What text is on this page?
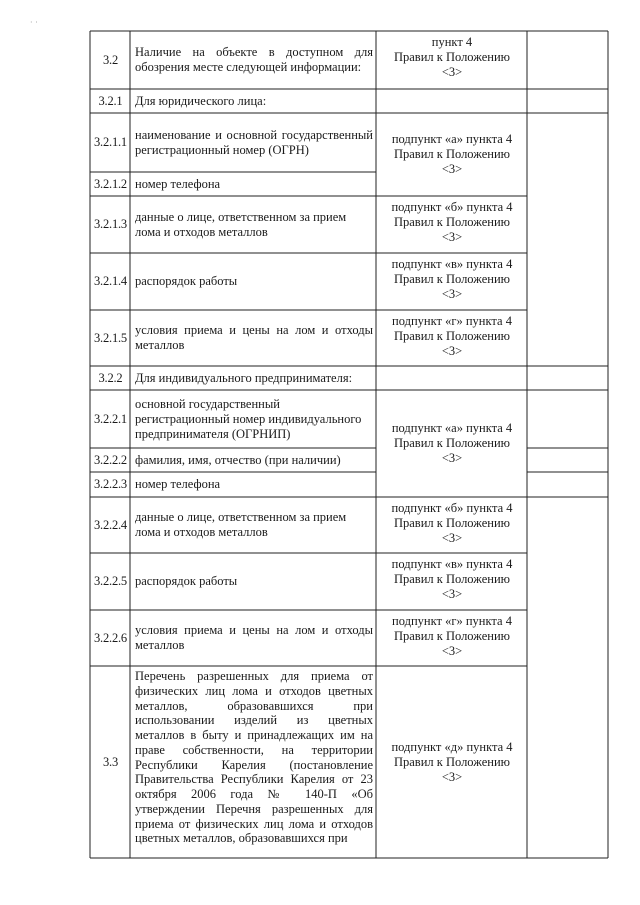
· ·
3.2
Наличие на объекте в доступном для обозрения месте следующей информации:
3.2.1 Для юридического лица:
3.2.1.1
наименование и основной государственный регистрационный номер (ОГРН)
3.2.1.2 номер телефона
3.2.1.3
данные о лице, ответственном за прием лома и отходов металлов
3.2.1.4 распорядок работы
3.2.1.5
условия приема и цены на лом и отходы металлов
3.2.2 Для индивидуального предпринимателя:
3.2.2.1
основной государственный регистрационный номер индивидуального предпринимателя (ОГРНИП)
3.2.2.2 фамилия, имя, отчество (при наличии)
3.2.2.3 номер телефона
3.2.2.4
данные о лице, ответственном за прием лома и отходов металлов
3.2.2.5 распорядок работы
3.2.2.6
условия приема и цены на лом и отходы металлов
3.3
Перечень разрешенных для приема от физических лиц лома и отходов цветных металлов, образовавшихся при использовании изделий из цветных металлов в быту и принадлежащих им на праве собственности, на территории Республики Карелия (постановление Правительства Республики Карелия от 23 октября 2006 года № 140-П «Об утверждении Перечня разрешенных для приема от физических лиц лома и отходов цветных металлов, образовавшихся при
пункт 4
Правил к Положению
<3>
подпункт «а» пункта 4
Правил к Положению
<3>
подпункт «б» пункта 4
Правил к Положению
<3>
подпункт «в» пункта 4
Правил к Положению
<3>
подпункт «г» пункта 4
Правил к Положению
<3>
подпункт «а» пункта 4
Правил к Положению
<3>
подпункт «б» пункта 4
Правил к Положению
<3>
подпункт «в» пункта 4
Правил к Положению
<3>
подпункт «г» пункта 4
Правил к Положению
<3>
подпункт «д» пункта 4
Правил к Положению
<3>
